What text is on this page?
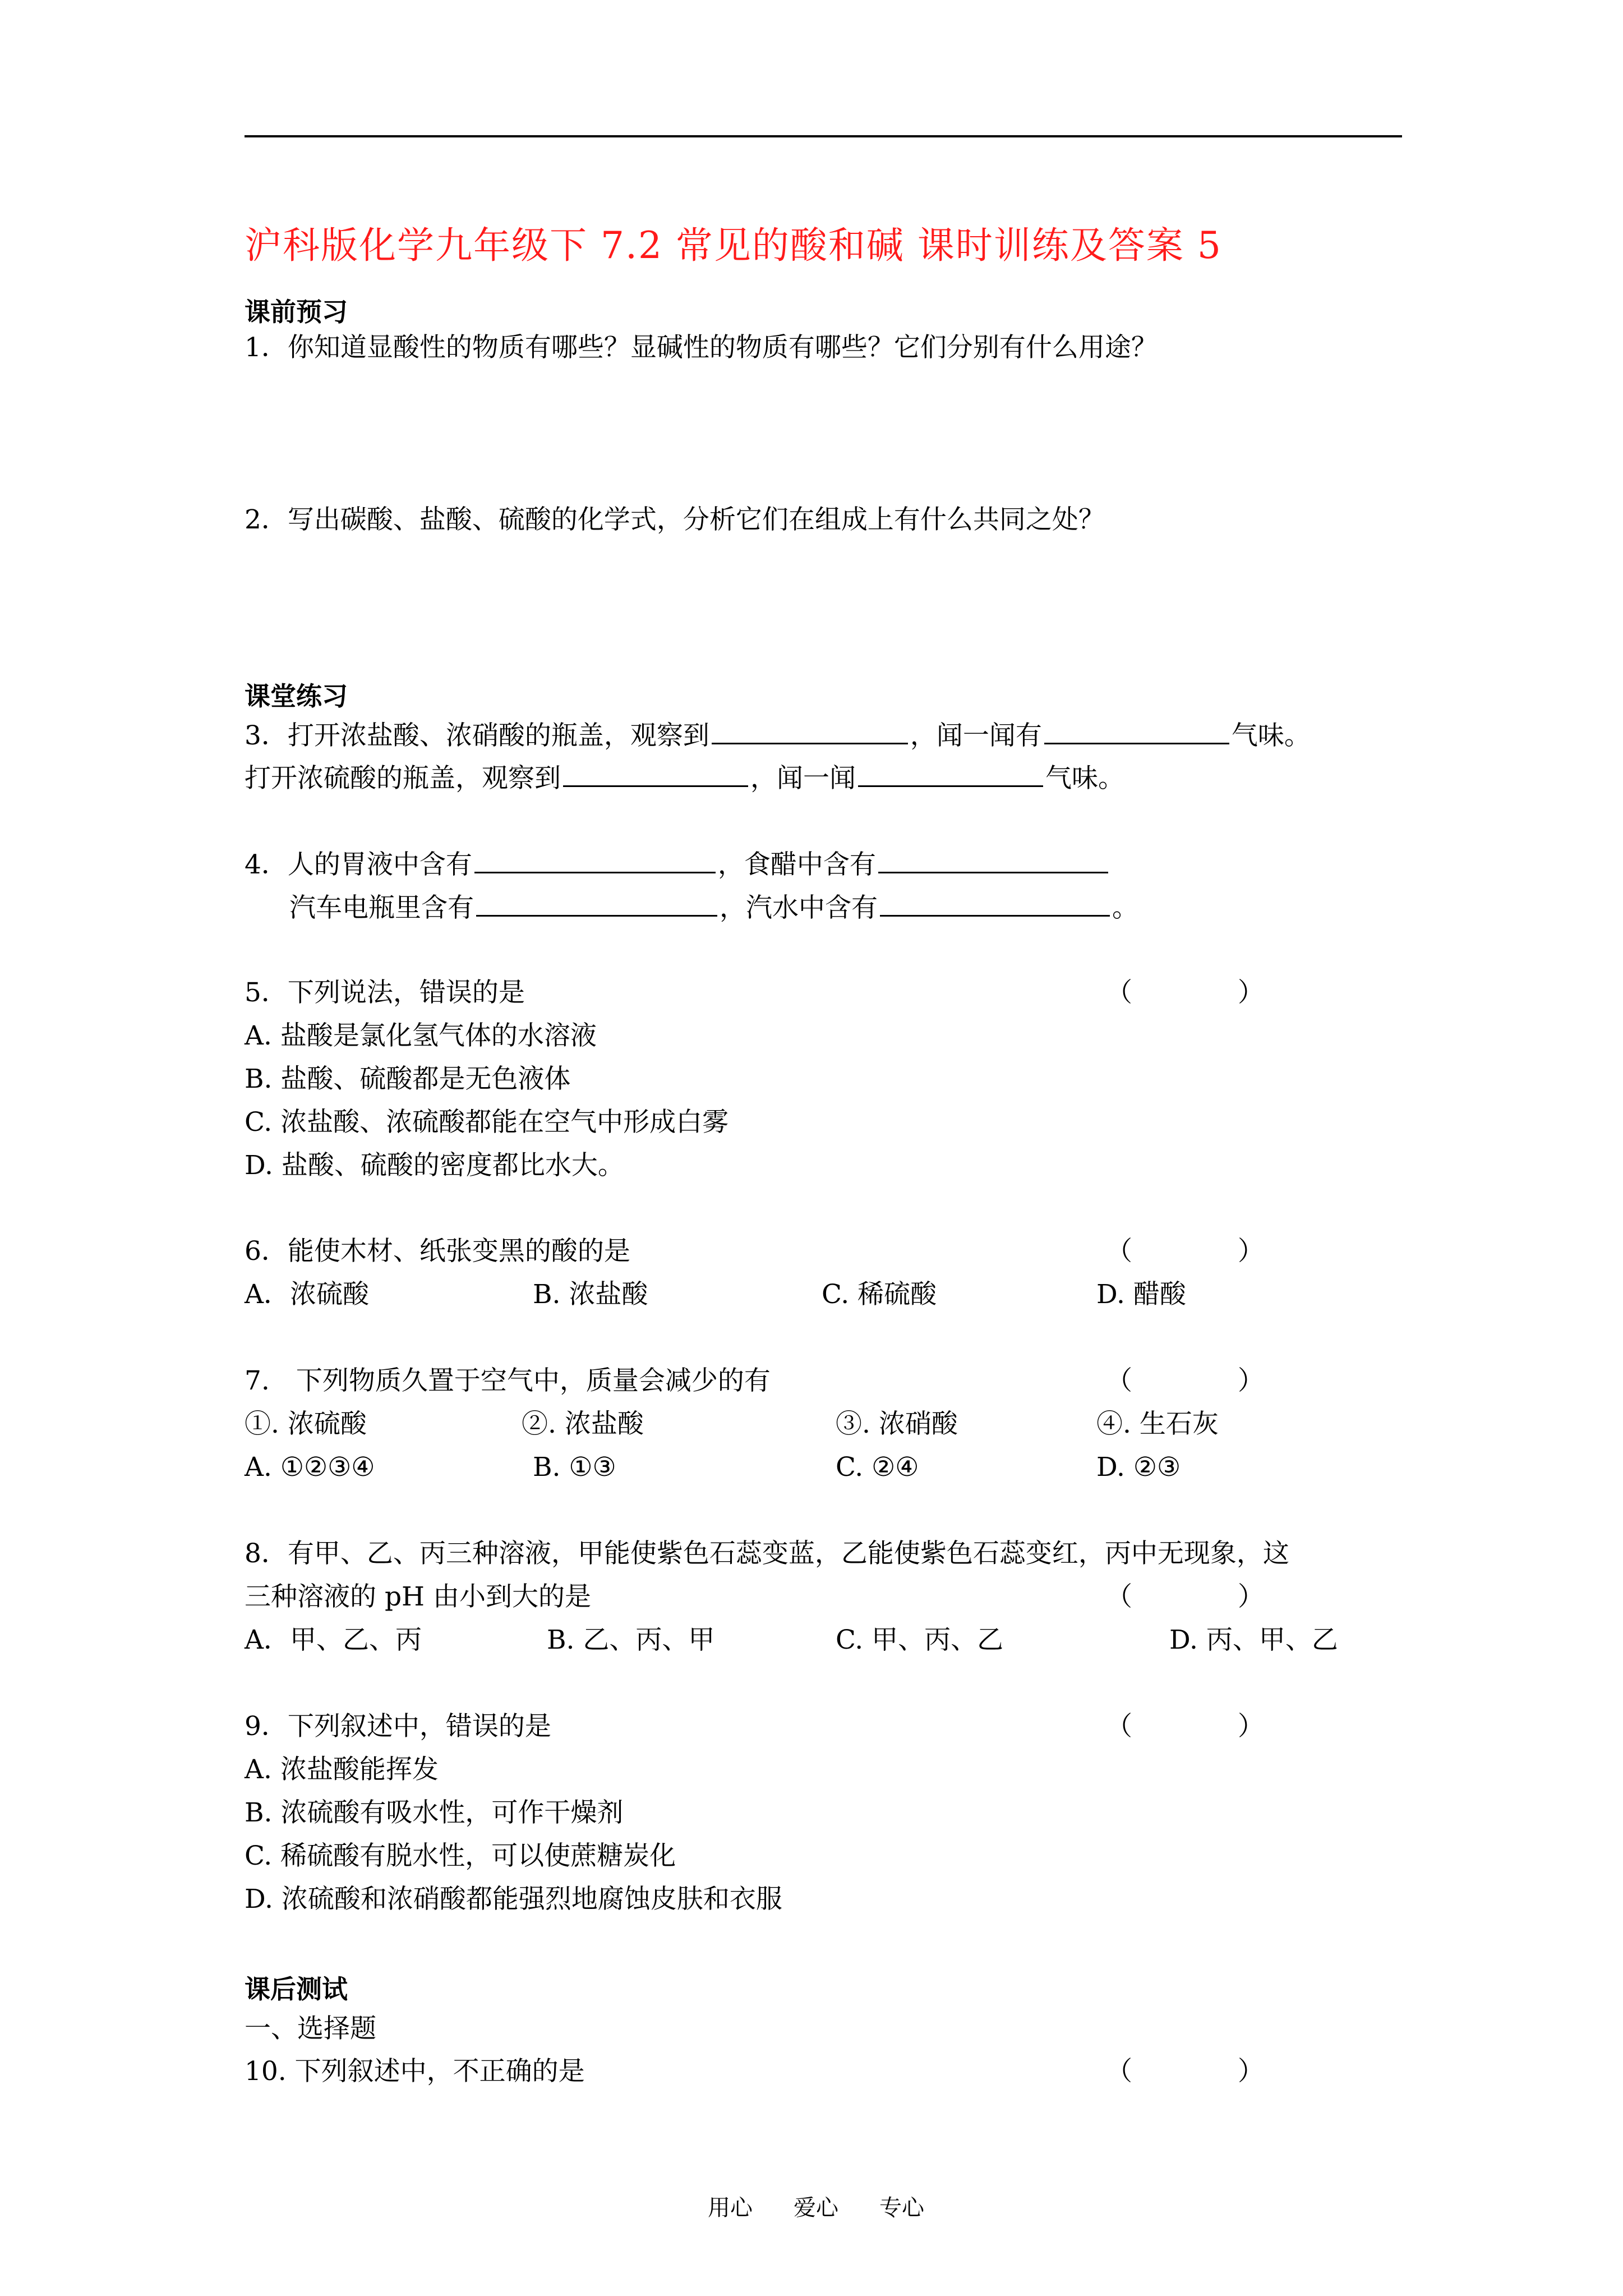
沪科版化学九年级下 7.2 常见的酸和碱 课时训练及答案 5
课前预习
1．你知道显酸性的物质有哪些？显碱性的物质有哪些？它们分别有什么用途？
2．写出碳酸、盐酸、硫酸的化学式，分析它们在组成上有什么共同之处？
课堂练习
3．打开浓盐酸、浓硝酸的瓶盖，观察到	，闻一闻有	气味。
打开浓硫酸的瓶盖，观察到	，闻一闻	气味。
4．人的胃液中含有	，食醋中含有
汽车电瓶里含有	，汽水中含有	。
5．下列说法，错误的是	（　　　　）
A. 盐酸是氯化氢气体的水溶液
B. 盐酸、硫酸都是无色液体
C. 浓盐酸、浓硫酸都能在空气中形成白雾
D. 盐酸、硫酸的密度都比水大。
6．能使木材、纸张变黑的酸的是	（　　　　）
A．浓硫酸	B. 浓盐酸	C. 稀硫酸	D. 醋酸
7.　下列物质久置于空气中，质量会减少的有	（　　　　）
①. 浓硫酸	②. 浓盐酸	③. 浓硝酸	④. 生石灰
A. ①②③④	B. ①③	C. ②④	D. ②③
8．有甲、乙、丙三种溶液，甲能使紫色石蕊变蓝，乙能使紫色石蕊变红，丙中无现象，这
三种溶液的 pH 由小到大的是	（　　　　）
A．甲、乙、丙	B. 乙、丙、甲	C. 甲、丙、乙	D. 丙、甲、乙
9．下列叙述中，错误的是	（　　　　）
A. 浓盐酸能挥发
B. 浓硫酸有吸水性，可作干燥剂
C. 稀硫酸有脱水性，可以使蔗糖炭化
D. 浓硫酸和浓硝酸都能强烈地腐蚀皮肤和衣服
课后测试
一、选择题
10. 下列叙述中，不正确的是	（　　　　）
用心 爱心 专心
